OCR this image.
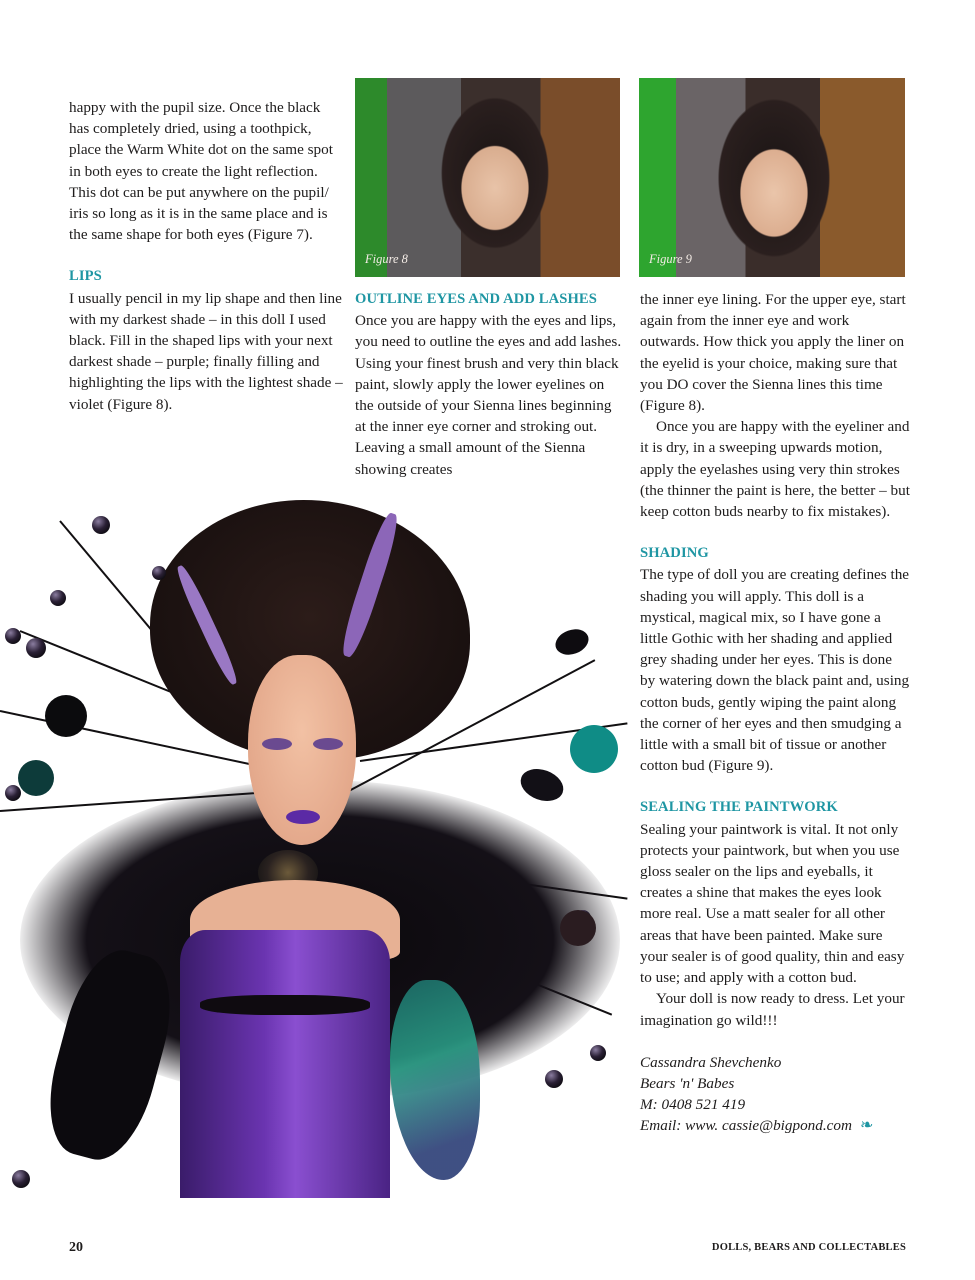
happy with the pupil size. Once the black has completely dried, using a toothpick, place the Warm White dot on the same spot in both eyes to create the light reflection. This dot can be put anywhere on the pupil/ iris so long as it is in the same place and is the same shape for both eyes (Figure 7).

LIPS

I usually pencil in my lip shape and then line with my darkest shade – in this doll I used black. Fill in the shaped lips with your next darkest shade – purple; finally filling and highlighting the lips with the lightest shade – violet (Figure 8).

Figure 8	Figure 9
OUTLINE EYES AND ADD LASHES

Once you are happy with the eyes and lips, you need to outline the eyes and add lashes. Using your finest brush and very thin black paint, slowly apply the lower eyelines on the outside of your Sienna lines beginning at the inner eye corner and stroking out. Leaving a small amount of the Sienna showing creates

the inner eye lining. For the upper eye, start again from the inner eye and work outwards. How thick you apply the liner on the eyelid is your choice, making sure that you DO cover the Sienna lines this time (Figure 8).

Once you are happy with the eyeliner and it is dry, in a sweeping upwards motion, apply the eyelashes using very thin strokes (the thinner the paint is here, the better – but keep cotton buds nearby to fix mistakes).

SHADING

The type of doll you are creating defines the shading you will apply. This doll is a mystical, magical mix, so I have gone a little Gothic with her shading and applied grey shading under her eyes. This is done by watering down the black paint and, using cotton buds, gently wiping the paint along the corner of her eyes and then smudging a little with a small bit of tissue or another cotton bud (Figure 9).

SEALING THE PAINTWORK

Sealing your paintwork is vital. It not only protects your paintwork, but when you use gloss sealer on the lips and eyeballs, it creates a shine that makes the eyes look more real. Use a matt sealer for all other areas that have been painted. Make sure your sealer is of good quality, thin and easy to use; and apply with a cotton bud.

Your doll is now ready to dress. Let your imagination go wild!!!

Cassandra Shevchenko
Bears 'n' Babes
M: 0408 521 419
Email: www. cassie@bigpond.com ❧
20	DOLLS, BEARS AND COLLECTABLES
